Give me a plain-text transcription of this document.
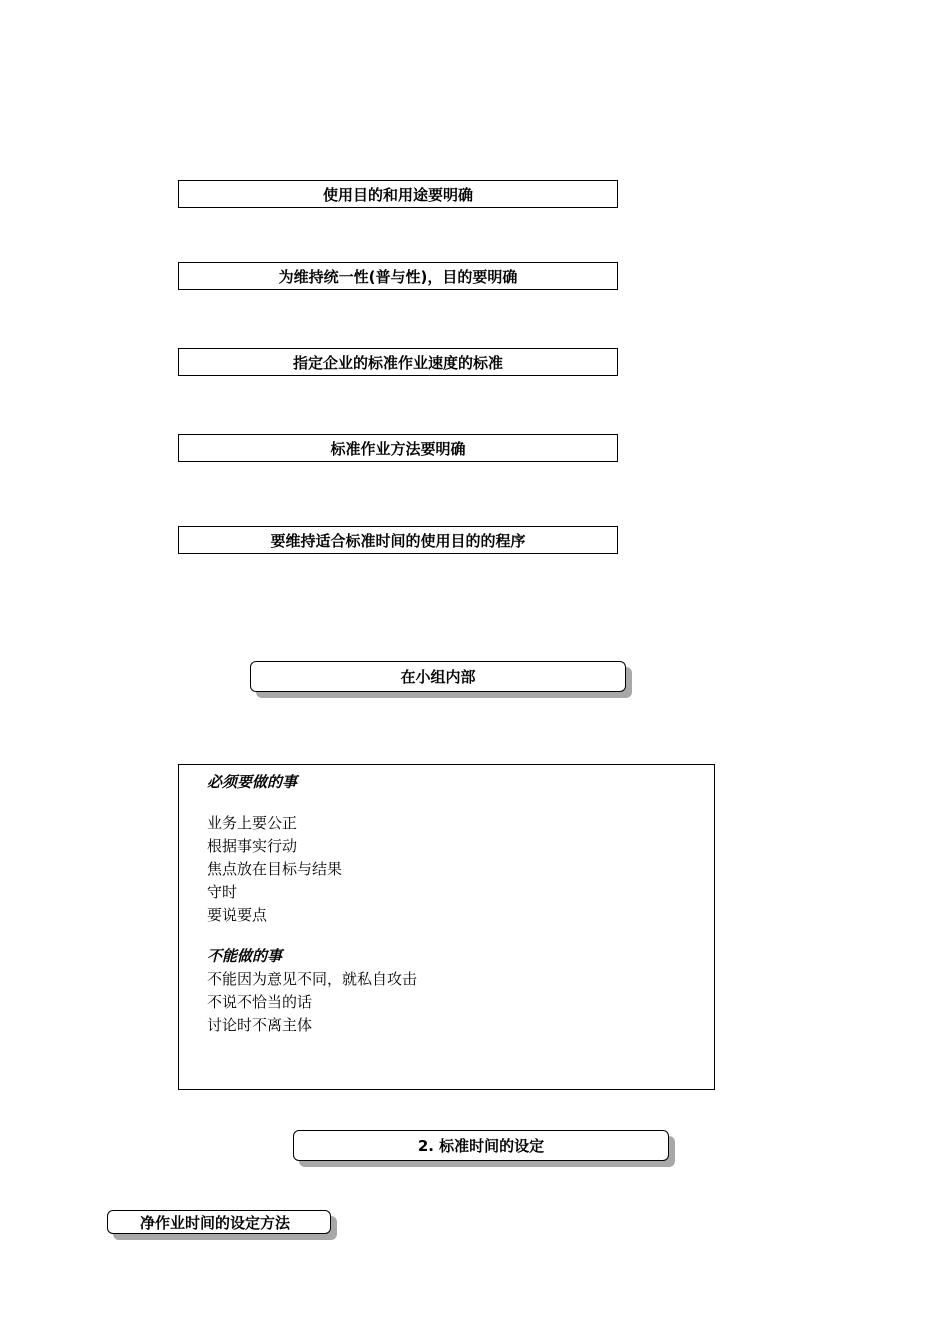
使用目的和用途要明确
为维持统一性(普与性)，目的要明确
指定企业的标准作业速度的标准
标准作业方法要明确
要维持适合标准时间的使用目的的程序
在小组内部
必须要做的事
业务上要公正
根据事实行动
焦点放在目标与结果
守时
要说要点
不能做的事
不能因为意见不同，就私自攻击
不说不恰当的话
讨论时不离主体
2. 标准时间的设定
净作业时间的设定方法
